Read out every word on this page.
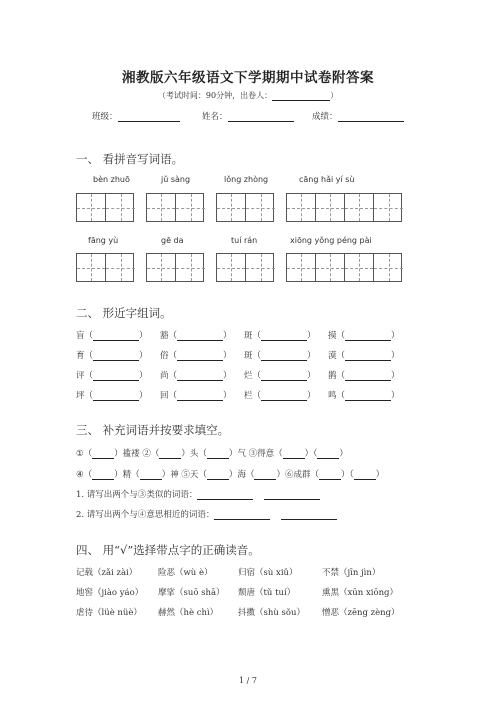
湘教版六年级语文下学期期中试卷附答案
（考试时间：90分钟，出卷人：	）
班级：	姓名：	成绩：
一、 看拼音写词语。
bèn zhuō	jǔ sàng	lǒng zhòng	cāng hǎi yí sù
fāng yù	gē da	tuí rán	xiōng yǒng péng pài
二、 形近字组词。
盲（	） 豁（	） 斑（	） 摸（	）
育（	） 俗（	） 斑（	） 漠（	）
评（	） 尚（	） 烂（	） 鹊（	）
坪（	） 回（	） 栏（	） 鸣（	）
三、 补充词语并按要求填空。
①（	）褴褛 ②（	）头（	）气 ③得意（	）（	）
④（	）精（	）神 ⑤天（	）海（	）⑥成群（	）（	）
1. 请写出两个与③类似的词语：
2. 请写出两个与④意思相近的词语：
四、 用“√”选择带点字的正确读音。
记载（zǎi zài） 险恶（wù è）	归宿（sù xiǔ）	不禁（jīn jìn）
地窖（jiào yáo） 摩挲（suō shā） 颓唐（tǔ tuí）	熏黑（xūn xiōng）
虐待（lüè nüè） 赫然（hè chì） 抖擞（shù sǒu） 憎恶（zēng zèng）
1 / 7
